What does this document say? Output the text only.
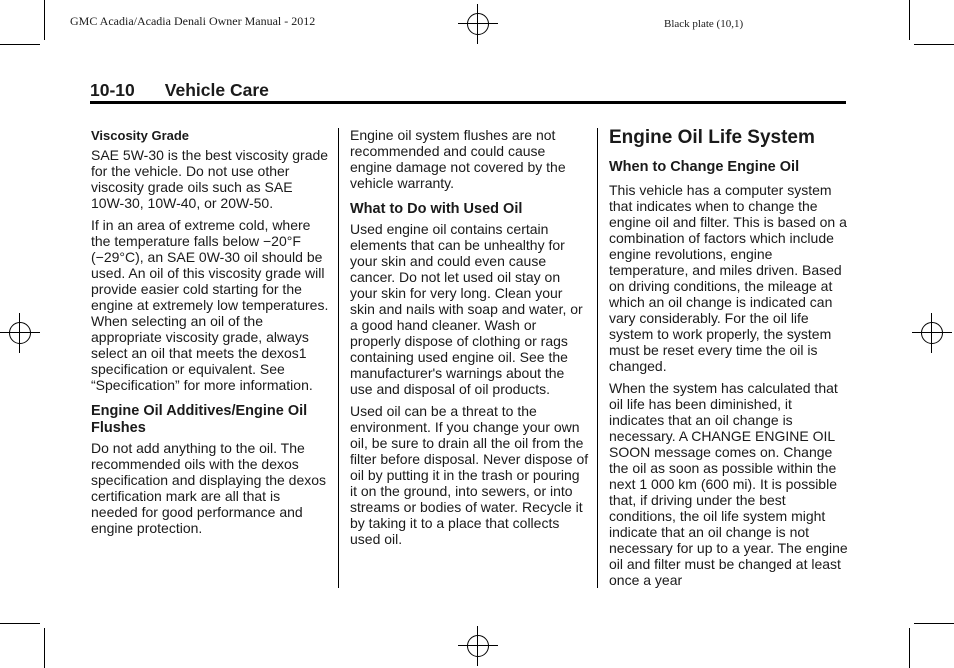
GMC Acadia/Acadia Denali Owner Manual - 2012	Black plate (10,1)
10-10 Vehicle Care
Viscosity Grade

SAE 5W-30 is the best viscosity grade for the vehicle. Do not use other viscosity grade oils such as SAE 10W-30, 10W-40, or 20W-50.

If in an area of extreme cold, where the temperature falls below −20°F (−29°C), an SAE 0W-30 oil should be used. An oil of this viscosity grade will provide easier cold starting for the engine at extremely low temperatures. When selecting an oil of the appropriate viscosity grade, always select an oil that meets the dexos1 specification or equivalent. See “Specification” for more information.

Engine Oil Additives/Engine Oil Flushes

Do not add anything to the oil. The recommended oils with the dexos specification and displaying the dexos certification mark are all that is needed for good performance and engine protection.

Engine oil system flushes are not recommended and could cause engine damage not covered by the vehicle warranty.

What to Do with Used Oil

Used engine oil contains certain elements that can be unhealthy for your skin and could even cause cancer. Do not let used oil stay on your skin for very long. Clean your skin and nails with soap and water, or a good hand cleaner. Wash or properly dispose of clothing or rags containing used engine oil. See the manufacturer's warnings about the use and disposal of oil products.

Used oil can be a threat to the environment. If you change your own oil, be sure to drain all the oil from the filter before disposal. Never dispose of oil by putting it in the trash or pouring it on the ground, into sewers, or into streams or bodies of water. Recycle it by taking it to a place that collects used oil.

Engine Oil Life System
When to Change Engine Oil

This vehicle has a computer system that indicates when to change the engine oil and filter. This is based on a combination of factors which include engine revolutions, engine temperature, and miles driven. Based on driving conditions, the mileage at which an oil change is indicated can vary considerably. For the oil life system to work properly, the system must be reset every time the oil is changed.

When the system has calculated that oil life has been diminished, it indicates that an oil change is necessary. A CHANGE ENGINE OIL SOON message comes on. Change the oil as soon as possible within the next 1 000 km (600 mi). It is possible that, if driving under the best conditions, the oil life system might indicate that an oil change is not necessary for up to a year. The engine oil and filter must be changed at least once a year
